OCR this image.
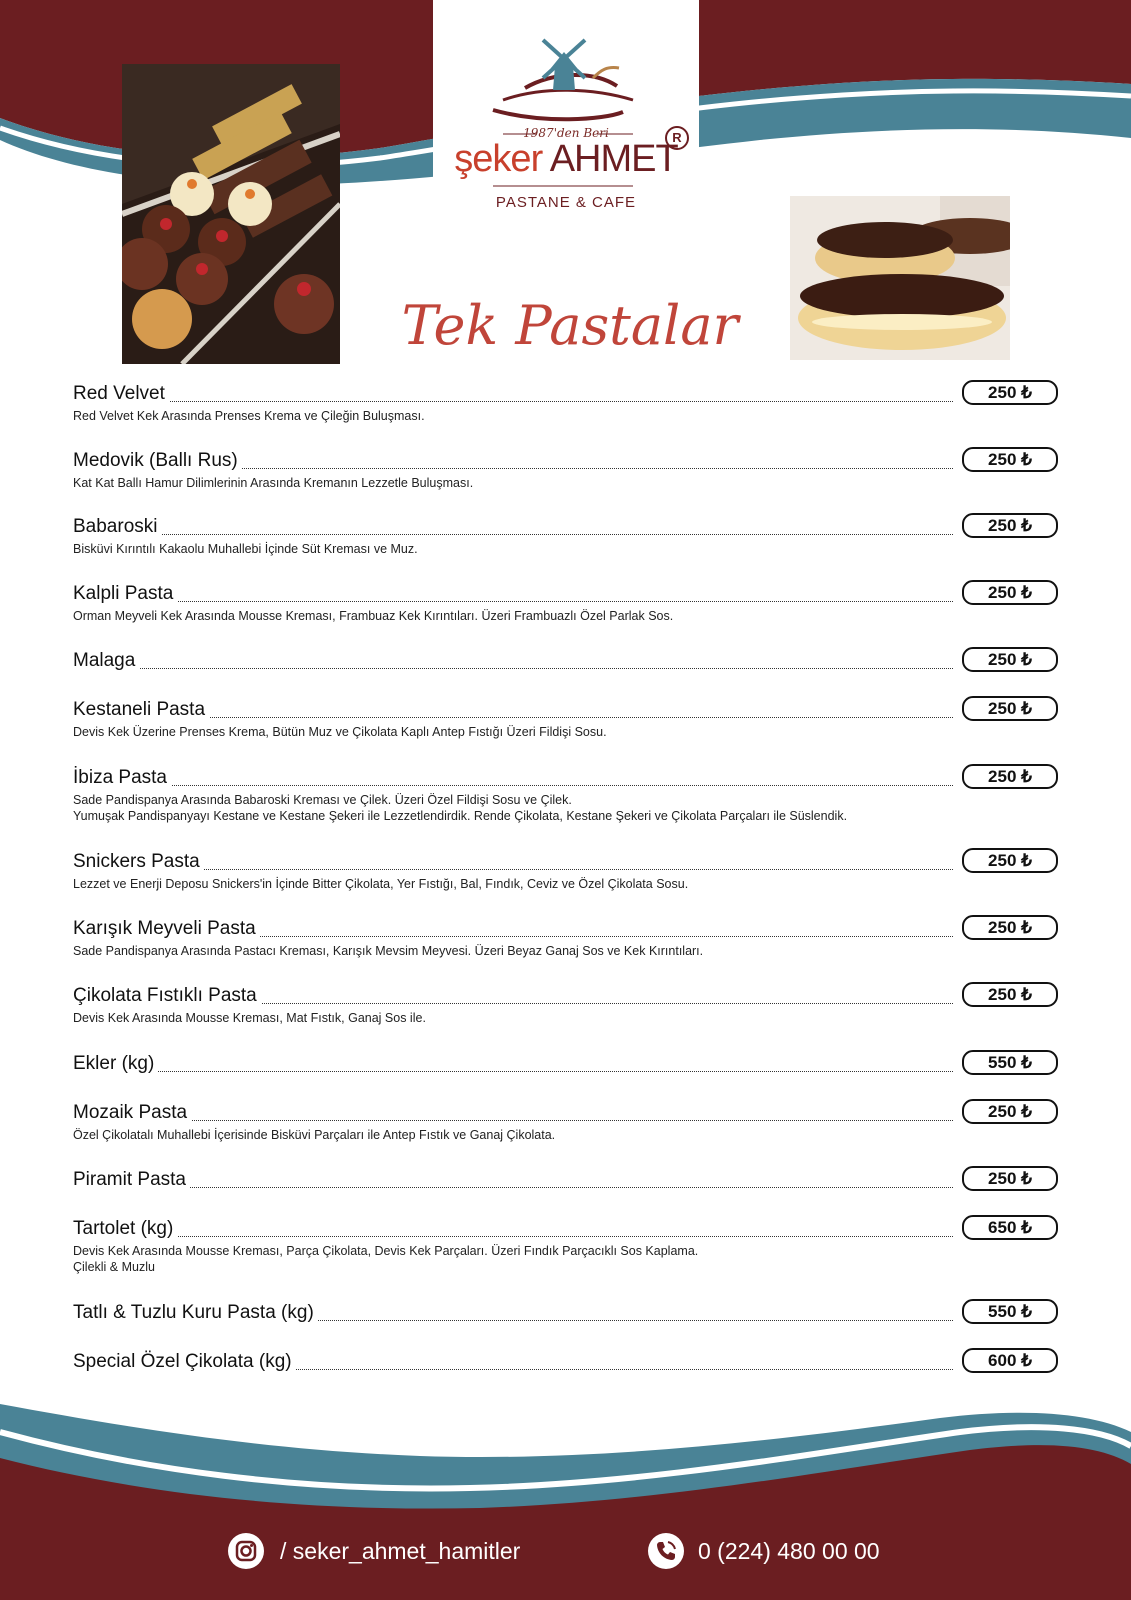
1987'den Beri
şeker AHMET
R
PASTANE & CAFE
Tek Pastalar
Red Velvet	250 ₺
Red Velvet Kek Arasında Prenses Krema ve Çileğin Buluşması.
Medovik (Ballı Rus)	250 ₺
Kat Kat Ballı Hamur Dilimlerinin Arasında Kremanın Lezzetle Buluşması.
Babaroski	250 ₺
Bisküvi Kırıntılı Kakaolu Muhallebi İçinde Süt Kreması ve Muz.
Kalpli Pasta	250 ₺
Orman Meyveli Kek Arasında Mousse Kreması, Frambuaz Kek Kırıntıları. Üzeri Frambuazlı Özel Parlak Sos.
Malaga	250 ₺
Kestaneli Pasta	250 ₺
Devis Kek Üzerine Prenses Krema, Bütün Muz ve Çikolata Kaplı Antep Fıstığı Üzeri Fildişi Sosu.
İbiza Pasta	250 ₺
Sade Pandispanya Arasında Babaroski Kreması ve Çilek. Üzeri Özel Fildişi Sosu ve Çilek.
Yumuşak Pandispanyayı Kestane ve Kestane Şekeri ile Lezzetlendirdik. Rende Çikolata, Kestane Şekeri ve Çikolata Parçaları ile Süslendik.
Snickers Pasta	250 ₺
Lezzet ve Enerji Deposu Snickers'in İçinde Bitter Çikolata, Yer Fıstığı, Bal, Fındık, Ceviz ve Özel Çikolata Sosu.
Karışık Meyveli Pasta	250 ₺
Sade Pandispanya Arasında Pastacı Kreması, Karışık Mevsim Meyvesi. Üzeri Beyaz Ganaj Sos ve Kek Kırıntıları.
Çikolata Fıstıklı Pasta	250 ₺
Devis Kek Arasında Mousse Kreması, Mat Fıstık, Ganaj Sos ile.
Ekler (kg)	550 ₺
Mozaik Pasta	250 ₺
Özel Çikolatalı Muhallebi İçerisinde Bisküvi Parçaları ile Antep Fıstık ve Ganaj Çikolata.
Piramit Pasta	250 ₺
Tartolet (kg)	650 ₺
Devis Kek Arasında Mousse Kreması, Parça Çikolata, Devis Kek Parçaları. Üzeri Fındık Parçacıklı Sos Kaplama.
Çilekli & Muzlu
Tatlı & Tuzlu Kuru Pasta (kg)	550 ₺
Special Özel Çikolata (kg)	600 ₺
/ seker_ahmet_hamitler	0 (224) 480 00 00
